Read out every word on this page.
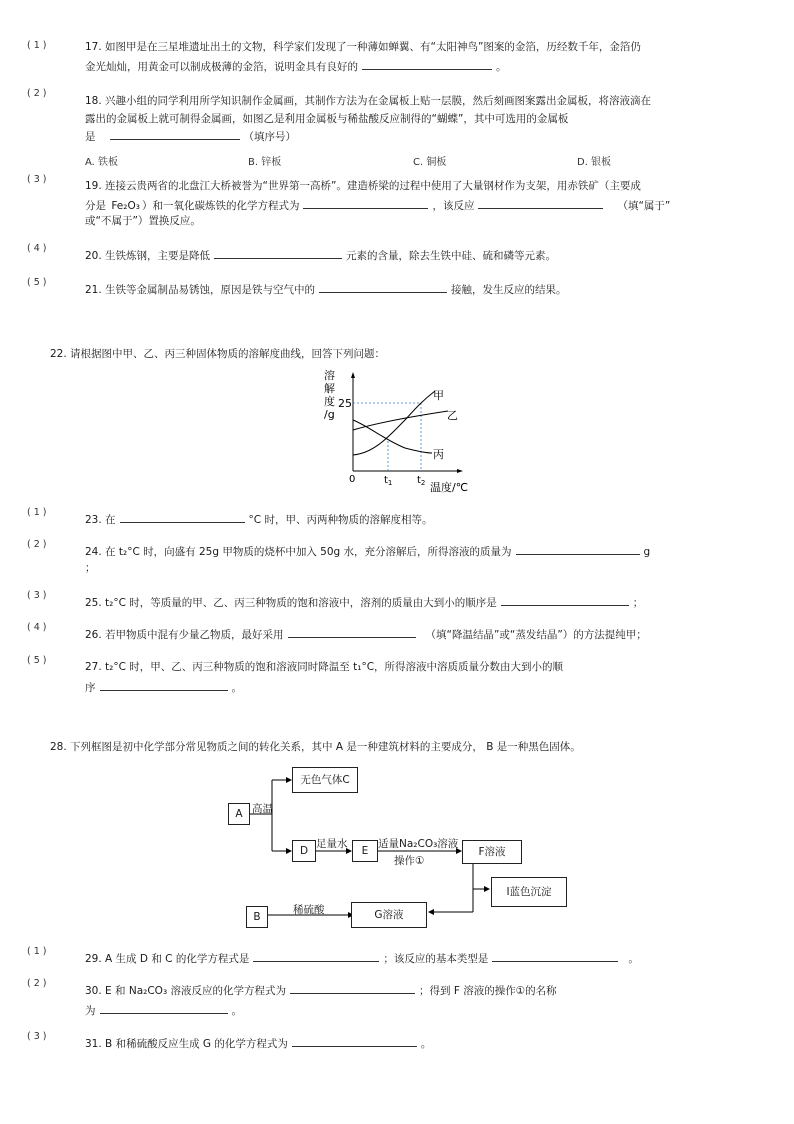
( 1 )	17. 如图甲是在三星堆遗址出土的文物，科学家们发现了一种薄如蝉翼、有“太阳神鸟”图案的金箔，历经数千年，金箔仍
金光灿灿，用黄金可以制成极薄的金箔，说明金具有良好的	。
( 2 )
18. 兴趣小组的同学利用所学知识制作金属画，其制作方法为在金属板上贴一层膜，然后刻画图案露出金属板，将溶液滴在
露出的金属板上就可制得金属画，如图乙是利用金属板与稀盐酸反应制得的“蝴蝶”，其中可选用的金属板
是	（填序号）
A. 铁板	B. 锌板	C. 铜板	D. 银板
( 3 )
19. 连接云贵两省的北盘江大桥被誉为“世界第一高桥”。建造桥梁的过程中使用了大量钢材作为支架，用赤铁矿（主要成
分是 Fe₂O₃ ）和一氧化碳炼铁的化学方程式为	，该反应	（填“属于”
或“不属于”）置换反应。
( 4 )
20. 生铁炼钢，主要是降低	元素的含量，除去生铁中硅、硫和磷等元素。
( 5 )
21. 生铁等金属制品易锈蚀，原因是铁与空气中的	接触，发生反应的结果。
22. 请根据图中甲、乙、丙三种固体物质的溶解度曲线，回答下列问题：
溶
解
度
/g
25
0
甲
乙
丙
$t_1$ $t_2$ 温度/℃
( 1 )
23. 在	°C 时，甲、丙两种物质的溶解度相等。
( 2 )
24. 在 t₂°C 时，向盛有 25g 甲物质的烧杯中加入 50g 水，充分溶解后，所得溶液的质量为	g
；
( 3 )
25. t₂°C 时，等质量的甲、乙、丙三种物质的饱和溶液中，溶剂的质量由大到小的顺序是	；
( 4 )
26. 若甲物质中混有少量乙物质，最好采用	（填“降温结晶”或“蒸发结晶”）的方法提纯甲；
( 5 )
27. t₂°C 时，甲、乙、丙三种物质的饱和溶液同时降温至 t₁°C，所得溶液中溶质质量分数由大到小的顺
序	。
28. 下列框图是初中化学部分常见物质之间的转化关系，其中 A 是一种建筑材料的主要成分， B 是一种黑色固体。
A 高温
无色气体C
D
足量水
E
适量Na₂CO₃溶液
操作①
F溶液
I蓝色沉淀
B
稀硫酸	G溶液
( 1 )
29. A 生成 D 和 C 的化学方程式是	；该反应的基本类型是	。
( 2 )
30. E 和 Na₂CO₃ 溶液反应的化学方程式为	；得到 F 溶液的操作①的名称
为	。
( 3 )
31. B 和稀硫酸反应生成 G 的化学方程式为	。
